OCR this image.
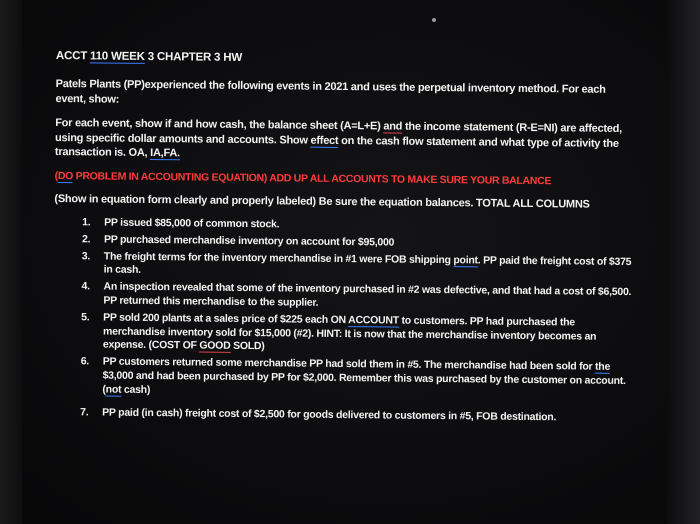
ACCT 110 WEEK 3 CHAPTER 3 HW
Patels Plants (PP)experienced the following events in 2021 and uses the perpetual inventory method. For each event, show:
For each event, show if and how cash, the balance sheet (A=L+E) and the income statement (R-E=NI) are affected, using specific dollar amounts and accounts. Show effect on the cash flow statement and what type of activity the transaction is. OA, IA,FA.
(DO PROBLEM IN ACCOUNTING EQUATION) ADD UP ALL ACCOUNTS TO MAKE SURE YOUR BALANCE
(Show in equation form clearly and properly labeled) Be sure the equation balances. TOTAL ALL COLUMNS
1.	PP issued $85,000 of common stock.
2.	PP purchased merchandise inventory on account for $95,000
3.	The freight terms for the inventory merchandise in #1 were FOB shipping point. PP paid the freight cost of $375 in cash.
4.	An inspection revealed that some of the inventory purchased in #2 was defective, and that had a cost of $6,500. PP returned this merchandise to the supplier.
5.	PP sold 200 plants at a sales price of $225 each ON ACCOUNT to customers. PP had purchased the merchandise inventory sold for $15,000 (#2). HINT: It is now that the merchandise inventory becomes an expense. (COST OF GOOD SOLD)
6.	PP customers returned some merchandise PP had sold them in #5. The merchandise had been sold for the $3,000 and had been purchased by PP for $2,000. Remember this was purchased by the customer on account. (not cash)
7.	PP paid (in cash) freight cost of $2,500 for goods delivered to customers in #5, FOB destination.
